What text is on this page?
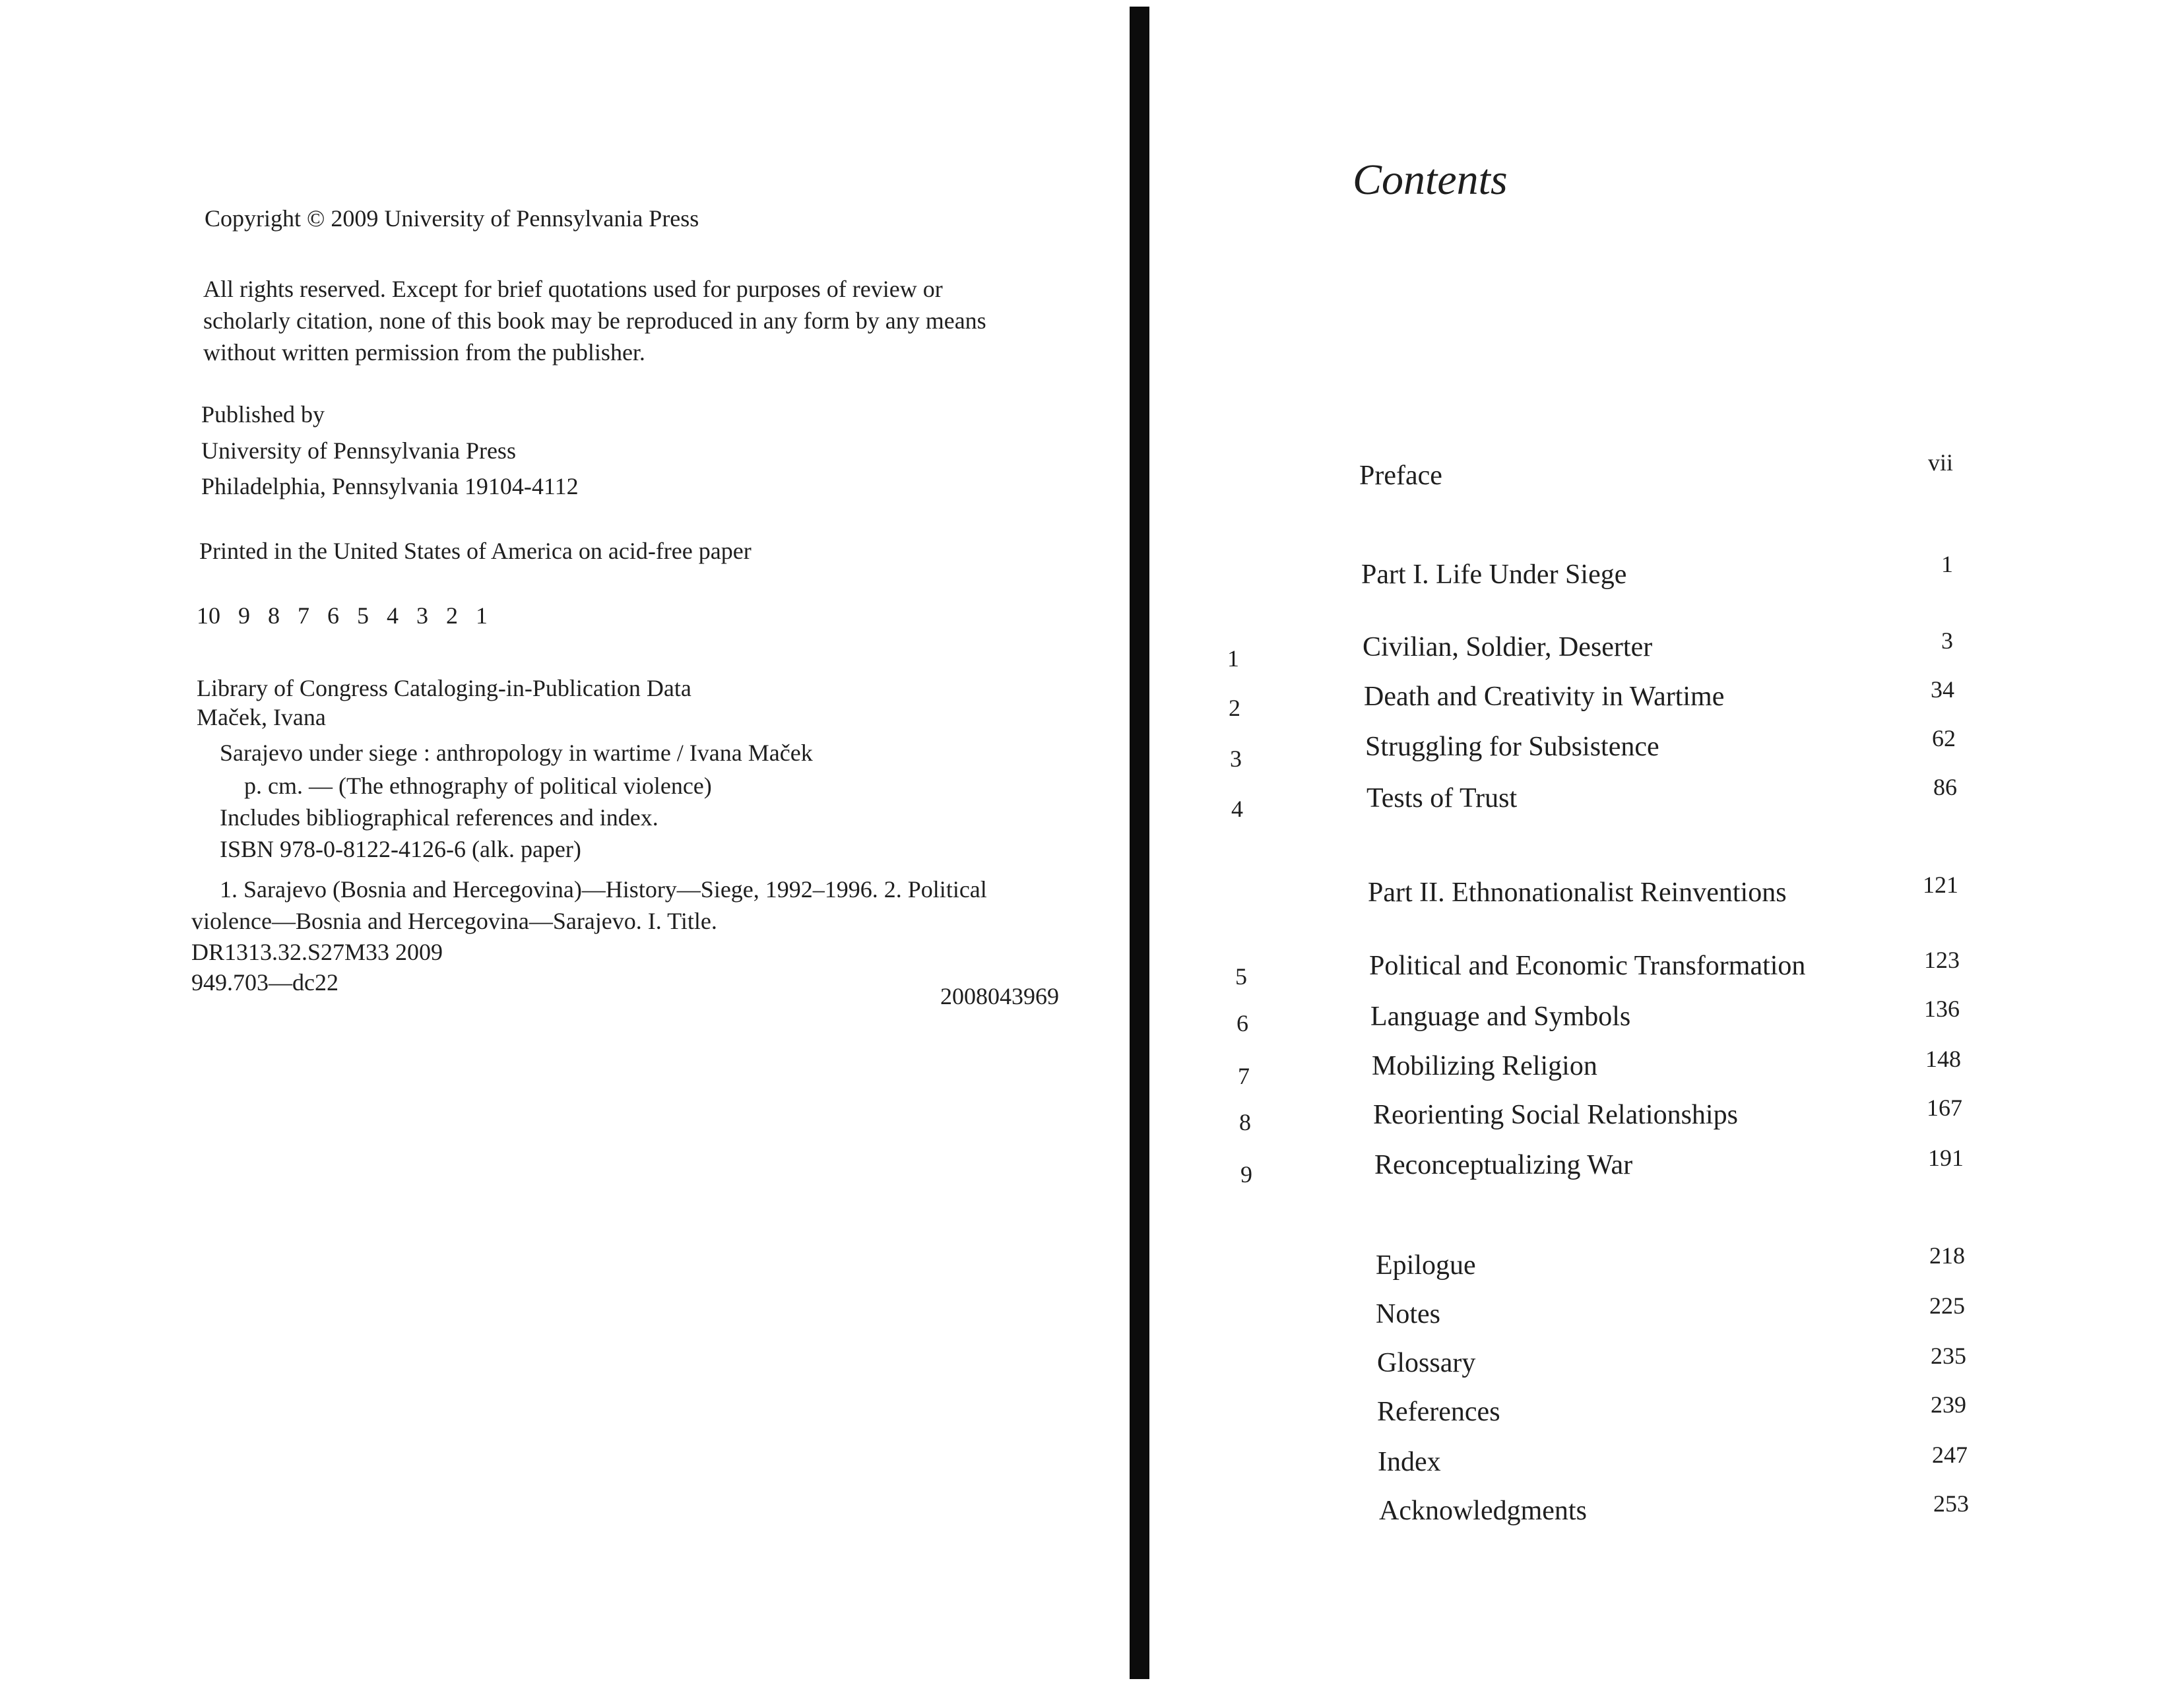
Copyright © 2009 University of Pennsylvania Press
All rights reserved. Except for brief quotations used for purposes of review or
scholarly citation, none of this book may be reproduced in any form by any means
without written permission from the publisher.
Published by
University of Pennsylvania Press
Philadelphia, Pennsylvania 19104-4112
Printed in the United States of America on acid-free paper
10   9   8   7   6   5   4   3   2   1
Library of Congress Cataloging-in-Publication Data
Maček, Ivana
Sarajevo under siege : anthropology in wartime / Ivana Maček
p. cm. — (The ethnography of political violence)
Includes bibliographical references and index.
ISBN 978-0-8122-4126-6 (alk. paper)
1. Sarajevo (Bosnia and Hercegovina)—History—Siege, 1992–1996. 2. Political
violence—Bosnia and Hercegovina—Sarajevo. I. Title.
DR1313.32.S27M33 2009
949.703—dc22
2008043969
Contents
Preface	vii
Part I. Life Under Siege	1
1	Civilian, Soldier, Deserter	3
2	Death and Creativity in Wartime	34
3	Struggling for Subsistence	62
4	Tests of Trust	86
Part II. Ethnonationalist Reinventions	121
5	Political and Economic Transformation	123
6	Language and Symbols	136
7	Mobilizing Religion	148
8	Reorienting Social Relationships	167
9	Reconceptualizing War	191
Epilogue	218
Notes	225
Glossary	235
References	239
Index	247
Acknowledgments	253
